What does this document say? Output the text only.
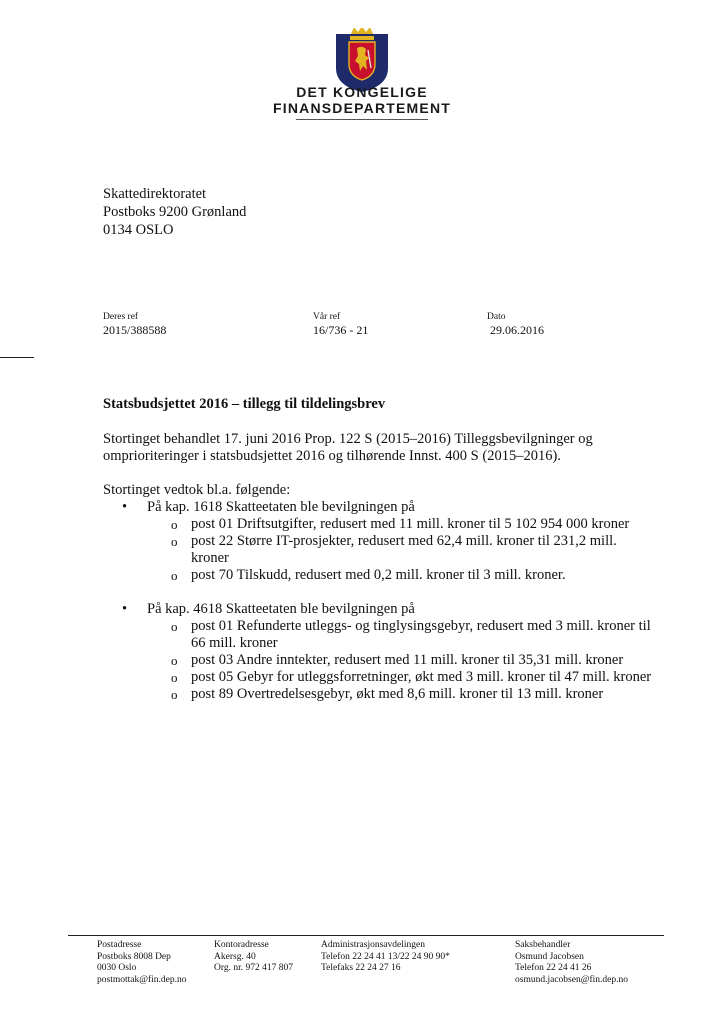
DET KONGELIGE
FINANSDEPARTEMENT
Skattedirektoratet
Postboks 9200 Grønland
0134 OSLO
Deres ref
2015/388588
Vår ref
16/736 - 21
Dato
29.06.2016
Statsbudsjettet 2016 – tillegg til tildelingsbrev
Stortinget behandlet 17. juni 2016 Prop. 122 S (2015–2016) Tilleggsbevilgninger og
omprioriteringer i statsbudsjettet 2016 og tilhørende Innst. 400 S (2015–2016).
Stortinget vedtok bl.a. følgende:
• På kap. 1618 Skatteetaten ble bevilgningen på
o post 01 Driftsutgifter, redusert med 11 mill. kroner til 5 102 954 000 kroner
o post 22 Større IT-prosjekter, redusert med 62,4 mill. kroner til 231,2 mill.
kroner
o post 70 Tilskudd, redusert med 0,2 mill. kroner til 3 mill. kroner.
• På kap. 4618 Skatteetaten ble bevilgningen på
o post 01 Refunderte utleggs- og tinglysingsgebyr, redusert med 3 mill. kroner til
66 mill. kroner
o post 03 Andre inntekter, redusert med 11 mill. kroner til 35,31 mill. kroner
o post 05 Gebyr for utleggsforretninger, økt med 3 mill. kroner til 47 mill. kroner
o post 89 Overtredelsesgebyr, økt med 8,6 mill. kroner til 13 mill. kroner
Postadresse
Postboks 8008 Dep
0030 Oslo
postmottak@fin.dep.no
Kontoradresse
Akersg. 40
Org. nr. 972 417 807
Administrasjonsavdelingen
Telefon 22 24 41 13/22 24 90 90*
Telefaks 22 24 27 16
Saksbehandler
Osmund Jacobsen
Telefon 22 24 41 26
osmund.jacobsen@fin.dep.no
